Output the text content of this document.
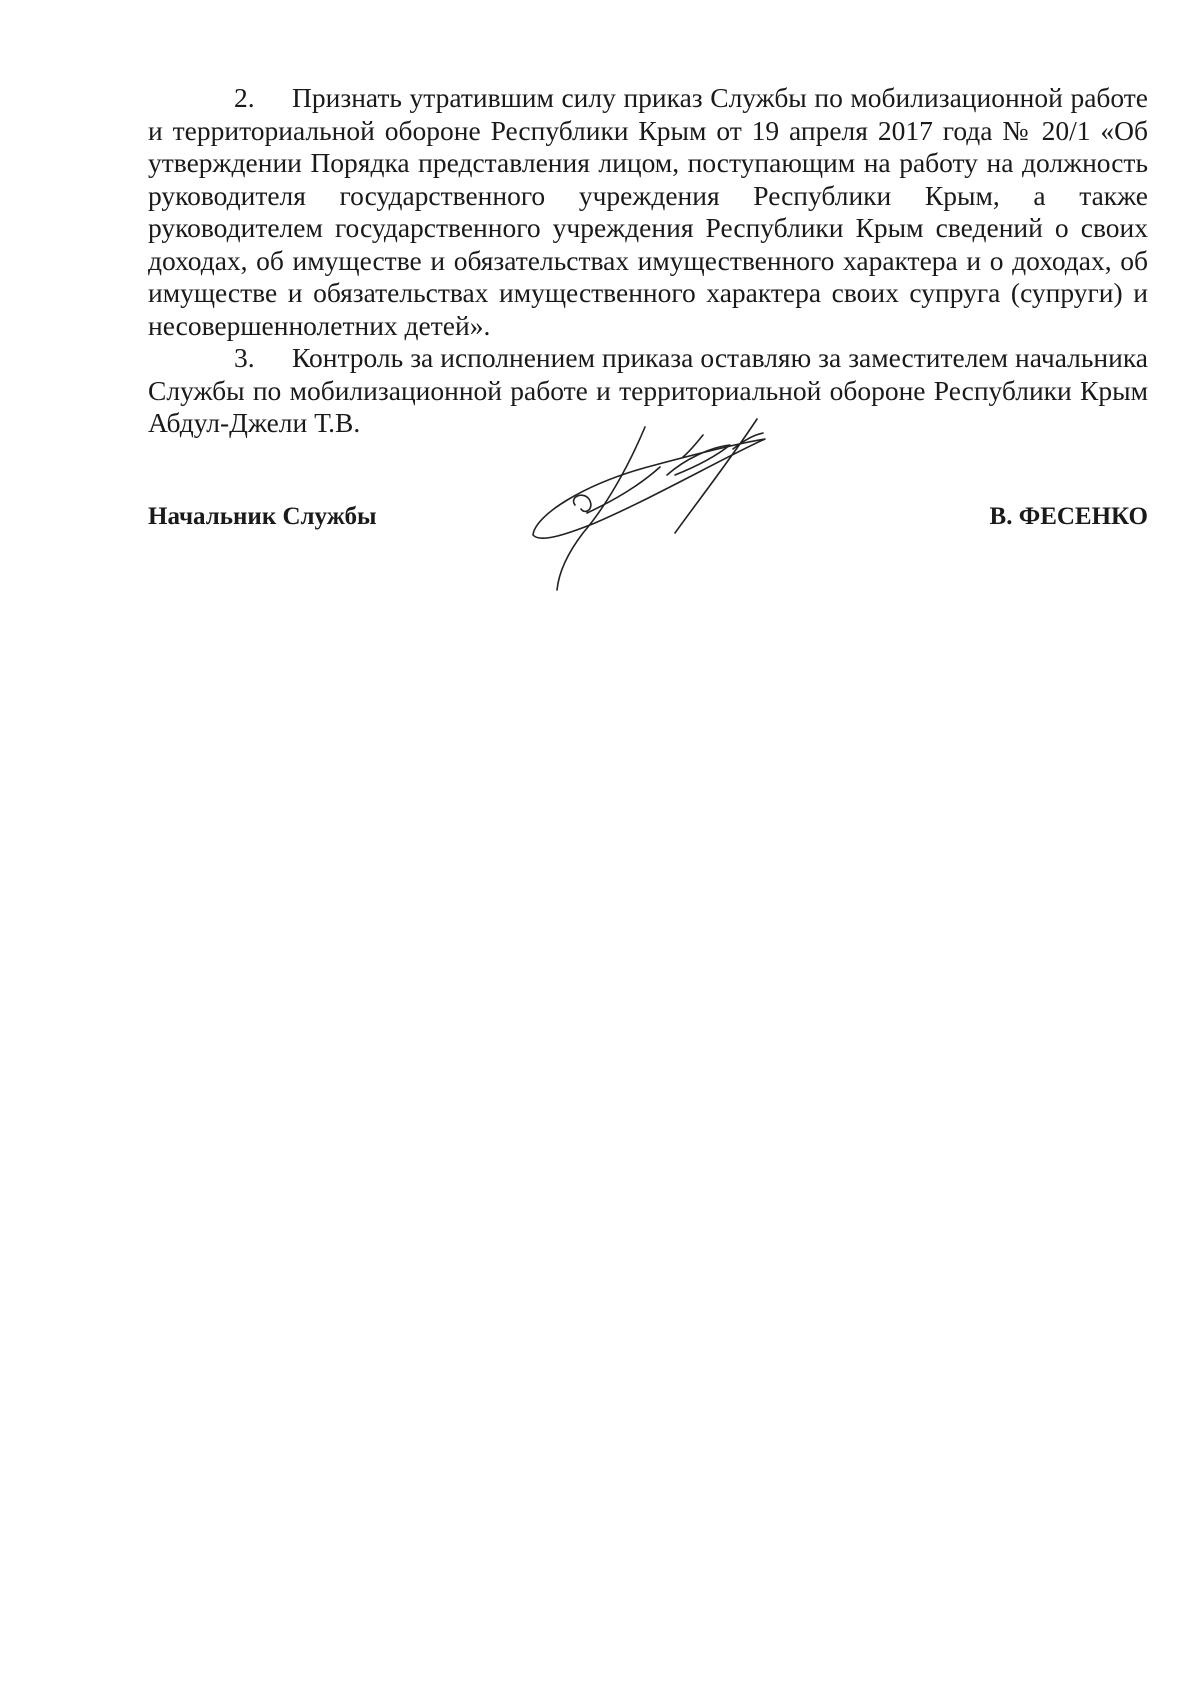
2. Признать утратившим силу приказ Службы по мобилизационной работе и территориальной обороне Республики Крым от 19 апреля 2017 года № 20/1 «Об утверждении Порядка представления лицом, поступающим на работу на должность руководителя государственного учреждения Республики Крым, а также руководителем государственного учреждения Республики Крым сведений о своих доходах, об имуществе и обязательствах имущественного характера и о доходах, об имуществе и обязательствах имущественного характера своих супруга (супруги) и несовершеннолетних детей».

3. Контроль за исполнением приказа оставляю за заместителем начальника Службы по мобилизационной работе и территориальной обороне Республики Крым Абдул-Джели Т.В.

Начальник Службы	В. ФЕСЕНКО
